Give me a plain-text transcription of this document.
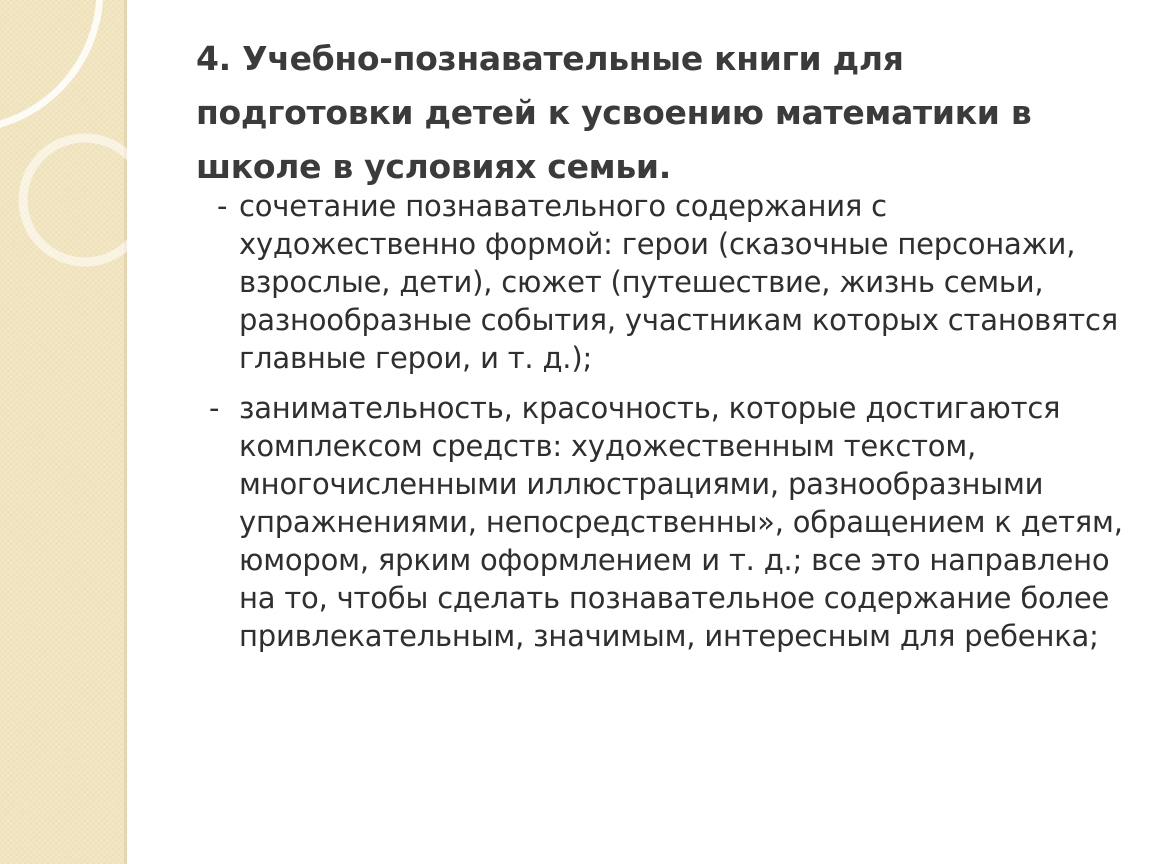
4. Учебно-познавательные книги для подготовки детей к усвоению математики в школе в условиях семьи.
- сочетание познавательного содержания с художественно формой: герои (сказочные персонажи, взрослые, дети), сюжет (путешествие, жизнь семьи, разнообразные события, участникам которых становятся главные герои, и т. д.);
- занимательность, красочность, которые достигаются комплексом средств: художественным текстом, многочисленными иллюстрациями, разнообразными упражнениями, непосредственны», обращением к детям, юмором, ярким оформлением и т. д.; все это направлено на то, чтобы сделать познавательное содержание более привлекательным, значимым, интересным для ребенка;
